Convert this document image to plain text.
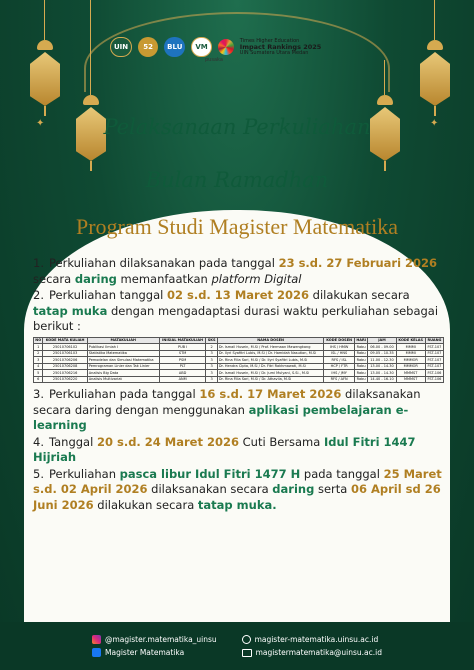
✦	✦
UIN	52	BLU	VM
Times Higher Education
Impact Rankings 2025
UIN Sumatera Utara Medan
pusaka
Pelaksanaan Perkuliahan
Bulan Ramadhan
Program Studi Magister Matematika
1. Perkuliahan dilaksanakan pada tanggal 23 s.d. 27 Februari 2026 secara daring memanfaatkan platform Digital
2. Perkuliahan tanggal 02 s.d. 13 Maret 2026 dilakukan secara tatap muka dengan mengadaptasi durasi waktu perkuliahan sebagai berikut :
NO	KODE MATA KULIAH	MATAKULIAH	INISIAL MATAKULIAH	SKS	NAMA DOSEN	KODE DOSEN	HARI	JAM	KODE KELAS	RUANG
1	25010706102	Publikasi Ilmiah I	PUB I	2	Dr. Ismail Husein, M.Si / Prof. Hermaan Mawengkang	IHS / HMW	Rabu	06.00 - 09.00	MMMI	FST-107
2	25010706103	Statistika Matematika	STM	3	Dr. Ilyri Syafitri Lubis, M.Si / Dr. Hamidah Nasution, M.Si	ISL / HNS	Rabu	09.05 - 10.35	MMMI	FST-107
3	25010706206	Pemodelan dan Simulasi Matematika	PSM	3	Dr. Rina Filia Sari, M.Si / Dr. Ilyri Syafitri Lubis, M.Si	RFS / ISL	Rabu	11.00 - 12.30	MMMOR	FST-107
4	25010706208	Pemrograman Linier dan Tak Linier	PLT	3	Dr. Hendra Cipta, M.Si / Dr. Fitri Rakhmawati, M.Si	HCP / FTR	Rabu	13.00 - 14.30	MMMOR	FST-107
5	25010706216	Analisis Big Data	ABD	3	Dr. Ismail Husein, M.Si / Dr. Jumi Mulyani, S.Si., M.Si	IHS / JMY	Rabu	13.00 - 14.30	MMMST	FST-106
6	25010706220	Analisis Multivariat	ANM	3	Dr. Rina Filia Sari, M.Si / Dr. Athaviia, M.Si	RFS / AFN	Rabu	14.40 - 16.10	MMMST	FST-106
3. Perkuliahan pada tanggal 16 s.d. 17 Maret 2026 dilaksanakan secara daring dengan menggunakan aplikasi pembelajaran e-learning
4. Tanggal 20 s.d. 24 Maret 2026 Cuti Bersama Idul Fitri 1447 Hijriah
5. Perkuliahan pasca libur Idul Fitri 1477 H pada tanggal 25 Maret s.d. 02 April 2026 dilaksanakan secara daring serta 06 April sd 26 Juni 2026 dilakukan secara tatap muka.
@magister.matematika_uinsu
Magister Matematika
magister-matematika.uinsu.ac.id
magistermatematika@uinsu.ac.id
